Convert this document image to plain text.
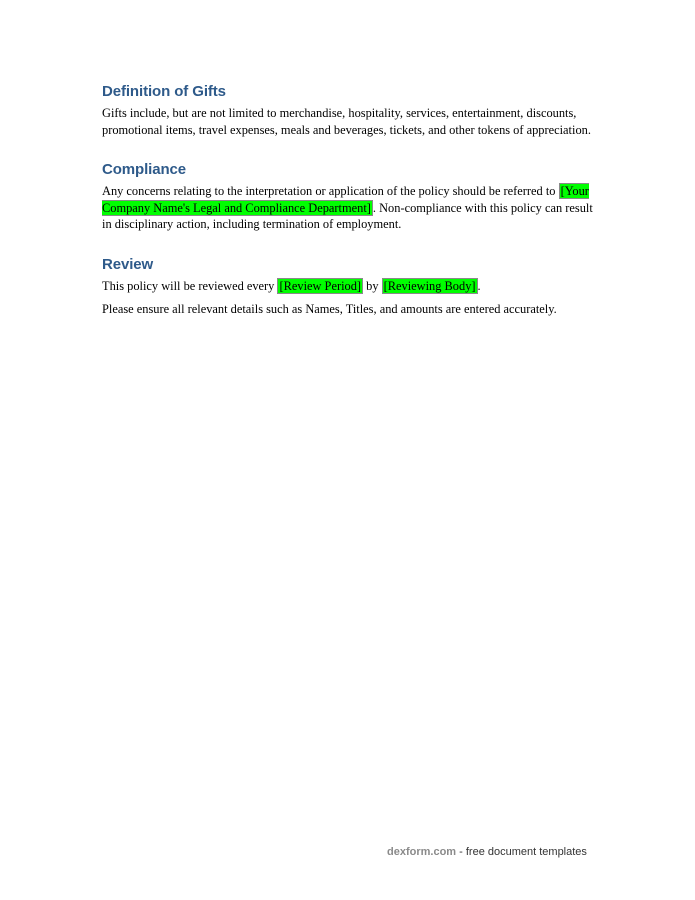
Definition of Gifts

Gifts include, but are not limited to merchandise, hospitality, services, entertainment, discounts, promotional items, travel expenses, meals and beverages, tickets, and other tokens of appreciation.

Compliance

Any concerns relating to the interpretation or application of the policy should be referred to [Your Company Name's Legal and Compliance Department] . Non-compliance with this policy can result in disciplinary action, including termination of employment.

Review

This policy will be reviewed every [Review Period] by [Reviewing Body] .

Please ensure all relevant details such as Names, Titles, and amounts are entered accurately.

dexform.com - free document templates
